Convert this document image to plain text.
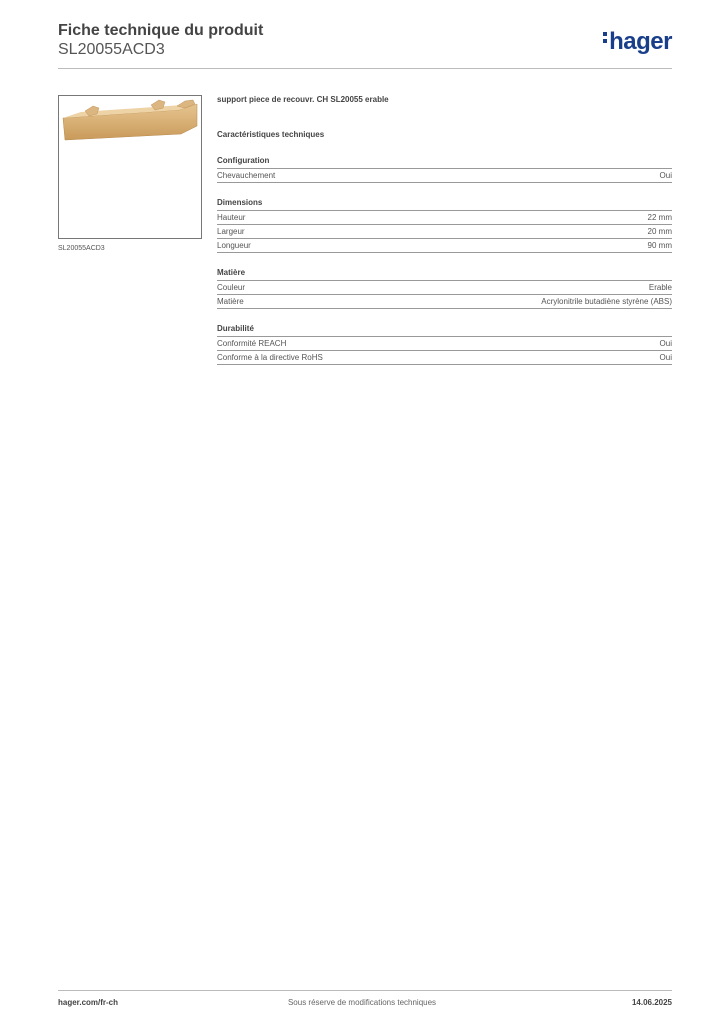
Fiche technique du produit
SL20055ACD3	hager
SL20055ACD3
support piece de recouvr. CH SL20055 erable
Caractéristiques techniques
Configuration
Chevauchement	Oui
Dimensions
Hauteur	22 mm
Largeur	20 mm
Longueur	90 mm
Matière
Couleur	Erable
Matière	Acrylonitrile butadiène styrène (ABS)
Durabilité
Conformité REACH	Oui
Conforme à la directive RoHS	Oui
hager.com/fr-ch	Sous réserve de modifications techniques	14.06.2025
